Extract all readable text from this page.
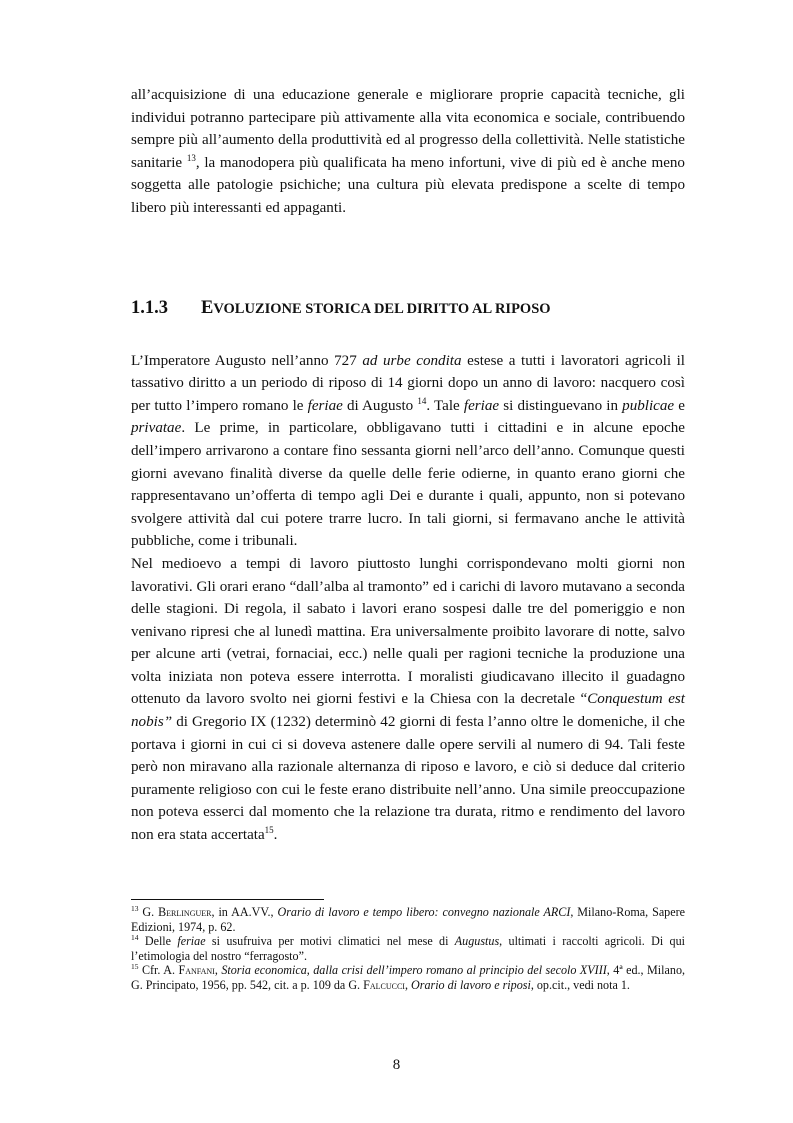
all’acquisizione di una educazione generale e migliorare proprie capacità tecniche, gli individui potranno partecipare più attivamente alla vita economica e sociale, contribuendo sempre più all’aumento della produttività ed al progresso della collettività. Nelle statistiche sanitarie $^{13}$, la manodopera più qualificata ha meno infortuni, vive di più ed è anche meno soggetta alle patologie psichiche; una cultura più elevata predispone a scelte di tempo libero più interessanti ed appaganti.

1.1.3 EVOLUZIONE STORICA DEL DIRITTO AL RIPOSO

L’Imperatore Augusto nell’anno 727 ad urbe condita estese a tutti i lavoratori agricoli il tassativo diritto a un periodo di riposo di 14 giorni dopo un anno di lavoro: nacquero così per tutto l’impero romano le feriae di Augusto $^{14}$. Tale feriae si distinguevano in publicae e privatae. Le prime, in particolare, obbligavano tutti i cittadini e in alcune epoche dell’impero arrivarono a contare fino sessanta giorni nell’arco dell’anno. Comunque questi giorni avevano finalità diverse da quelle delle ferie odierne, in quanto erano giorni che rappresentavano un’offerta di tempo agli Dei e durante i quali, appunto, non si potevano svolgere attività dal cui potere trarre lucro. In tali giorni, si fermavano anche le attività pubbliche, come i tribunali.

Nel medioevo a tempi di lavoro piuttosto lunghi corrispondevano molti giorni non lavorativi. Gli orari erano “dall’alba al tramonto” ed i carichi di lavoro mutavano a seconda delle stagioni. Di regola, il sabato i lavori erano sospesi dalle tre del pomeriggio e non venivano ripresi che al lunedì mattina. Era universalmente proibito lavorare di notte, salvo per alcune arti (vetrai, fornaciai, ecc.) nelle quali per ragioni tecniche la produzione una volta iniziata non poteva essere interrotta. I moralisti giudicavano illecito il guadagno ottenuto da lavoro svolto nei giorni festivi e la Chiesa con la decretale “Conquestum est nobis” di Gregorio IX (1232) determinò 42 giorni di festa l’anno oltre le domeniche, il che portava i giorni in cui ci si doveva astenere dalle opere servili al numero di 94. Tali feste però non miravano alla razionale alternanza di riposo e lavoro, e ciò si deduce dal criterio puramente religioso con cui le feste erano distribuite nell’anno. Una simile preoccupazione non poteva esserci dal momento che la relazione tra durata, ritmo e rendimento del lavoro non era stata accertata$^{15}$.

$^{13}$ G. Berlinguer, in AA.VV., Orario di lavoro e tempo libero: convegno nazionale ARCI, Milano-Roma, Sapere Edizioni, 1974, p. 62.

$^{14}$ Delle feriae si usufruiva per motivi climatici nel mese di Augustus, ultimati i raccolti agricoli. Di qui l’etimologia del nostro “ferragosto”.

$^{15}$ Cfr. A. Fanfani, Storia economica, dalla crisi dell’impero romano al principio del secolo XVIII, 4ª ed., Milano, G. Principato, 1956, pp. 542, cit. a p. 109 da G. Falcucci, Orario di lavoro e riposi, op.cit., vedi nota 1.

8
